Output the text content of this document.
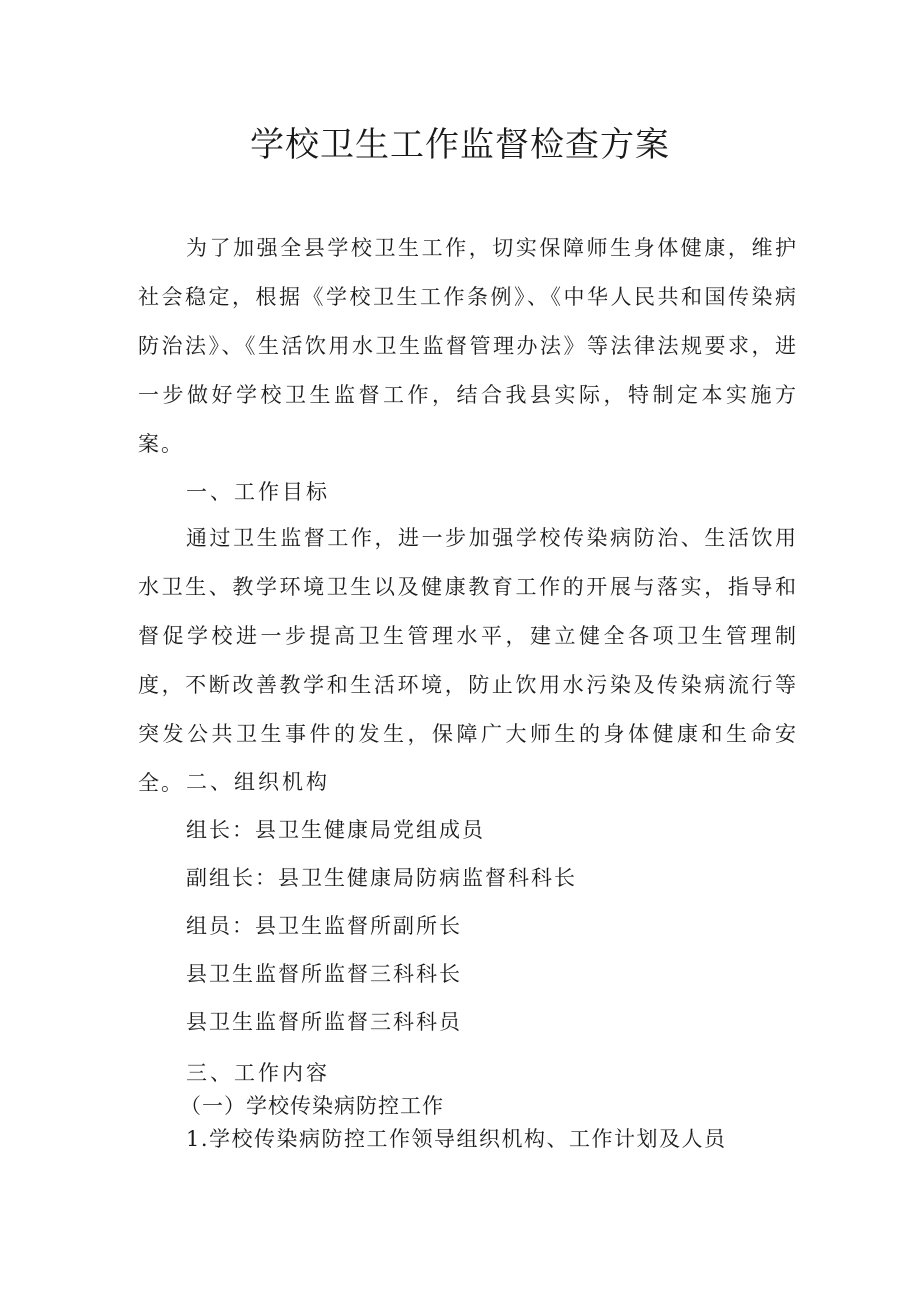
学校卫生工作监督检查方案

为了加强全县学校卫生工作，切实保障师生身体健康，维护社会稳定，根据《学校卫生工作条例》、《中华人民共和国传染病防治法》、《生活饮用水卫生监督管理办法》等法律法规要求，进一步做好学校卫生监督工作，结合我县实际，特制定本实施方案。

一、工作目标

通过卫生监督工作，进一步加强学校传染病防治、生活饮用水卫生、教学环境卫生以及健康教育工作的开展与落实，指导和督促学校进一步提高卫生管理水平，建立健全各项卫生管理制度，不断改善教学和生活环境，防止饮用水污染及传染病流行等突发公共卫生事件的发生，保障广大师生的身体健康和生命安全。 二、组织机构

组长：县卫生健康局党组成员

副组长：县卫生健康局防病监督科科长

组员：县卫生监督所副所长

县卫生监督所监督三科科长

县卫生监督所监督三科科员

三、工作内容

（一）学校传染病防控工作

1.学校传染病防控工作领导组织机构、工作计划及人员
